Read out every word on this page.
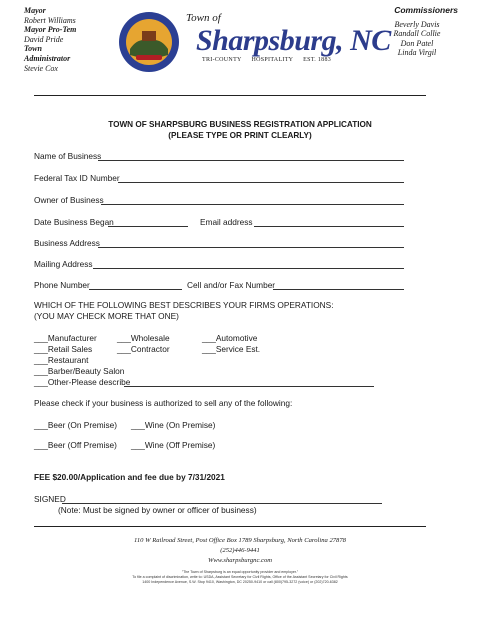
Mayor
Robert Williams
Mayor Pro-Tem
David Pride
Town
Administrator
Stevie Cox
Town of
Sharpsburg, NC
TRI-COUNTY HOSPITALITY EST. 1883
Commissioners
Beverly Davis
Randall Collie
Don Patel
Linda Virgil
TOWN OF SHARPSBURG BUSINESS REGISTRATION APPLICATION
(PLEASE TYPE OR PRINT CLEARLY)
Name of Business
Federal Tax ID Number
Owner of Business
Date Business Began	Email address
Business Address
Mailing Address
Phone Number	Cell and/or Fax Number
WHICH OF THE FOLLOWING BEST DESCRIBES YOUR FIRMS OPERATIONS:
(YOU MAY CHECK MORE THAT ONE)
___Manufacturer ___Wholesale	___Automotive
___Retail Sales	___Contractor	___Service Est.
___Restaurant
___Barber/Beauty Salon
___Other-Please describe
Please check if your business is authorized to sell any of the following:
___Beer (On Premise) ___Wine (On Premise)
___Beer (Off Premise) ___Wine (Off Premise)
FEE $20.00/Application and fee due by 7/31/2021
SIGNED
(Note: Must be signed by owner or officer of business)
110 W Railroad Street, Post Office Box 1789 Sharpsburg, North Carolina 27878
(252)446-9441
Www.sharpsburgnc.com
"The Town of Sharpsburg is an equal opportunity provider and employer."
To file a complaint of discrimination, write to: USDA, Assistant Secretary for Civil Rights, Office of the Assistant Secretary for Civil Rights
1400 Independence Avenue, S.W. Stop 9410, Washington, DC 20250-9410 or call (800)795-3272 (voice) or (202)720-6382
